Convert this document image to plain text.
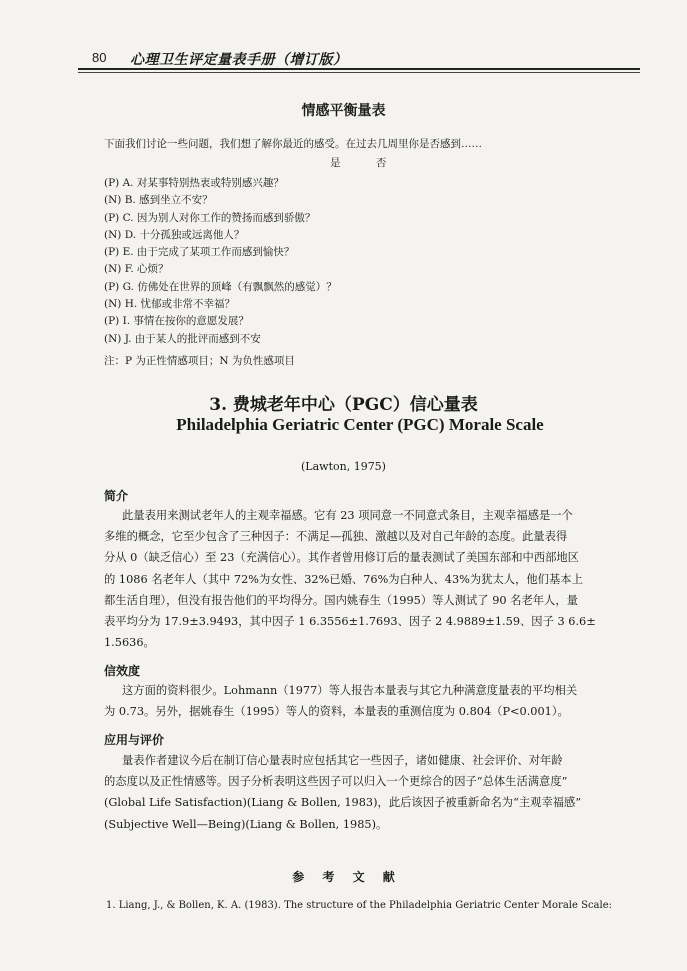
80 心理卫生评定量表手册（增订版）
情感平衡量表
下面我们讨论一些问题，我们想了解你最近的感受。在过去几周里你是否感到……
是	否
(P) A. 对某事特别热衷或特别感兴趣？
(N) B. 感到坐立不安？
(P) C. 因为别人对你工作的赞扬而感到骄傲？
(N) D. 十分孤独或远离他人？
(P) E. 由于完成了某项工作而感到愉快？
(N) F. 心烦？
(P) G. 仿佛处在世界的顶峰（有飘飘然的感觉）？
(N) H. 忧郁或非常不幸福？
(P) I. 事情在按你的意愿发展？
(N) J. 由于某人的批评而感到不安
注：P 为正性情感项目；N 为负性感项目
3. 费城老年中心（PGC）信心量表
Philadelphia Geriatric Center (PGC) Morale Scale
(Lawton, 1975)
简介
此量表用来测试老年人的主观幸福感。它有 23 项同意一不同意式条目，主观幸福感是一个
多维的概念，它至少包含了三种因子：不满足—孤独、激越以及对自己年龄的态度。此量表得
分从 0（缺乏信心）至 23（充满信心）。其作者曾用修订后的量表测试了美国东部和中西部地区
的 1086 名老年人（其中 72%为女性、32%已婚、76%为白种人、43%为犹太人，他们基本上
都生活自理），但没有报告他们的平均得分。国内姚春生（1995）等人测试了 90 名老年人，量
表平均分为 17.9±3.9493，其中因子 1 6.3556±1.7693、因子 2 4.9889±1.59、因子 3 6.6±
1.5636。
信效度
这方面的资料很少。Lohmann（1977）等人报告本量表与其它九种满意度量表的平均相关
为 0.73。另外，据姚春生（1995）等人的资料，本量表的重测信度为 0.804（P<0.001）。
应用与评价
量表作者建议今后在制订信心量表时应包括其它一些因子，诸如健康、社会评价、对年龄
的态度以及正性情感等。因子分析表明这些因子可以归入一个更综合的因子“总体生活满意度”
(Global Life Satisfaction)(Liang & Bollen, 1983)，此后该因子被重新命名为“主观幸福感”
(Subjective Well—Being)(Liang & Bollen, 1985)。
参 考 文 献
1. Liang, J., & Bollen, K. A. (1983). The structure of the Philadelphia Geriatric Center Morale Scale:
